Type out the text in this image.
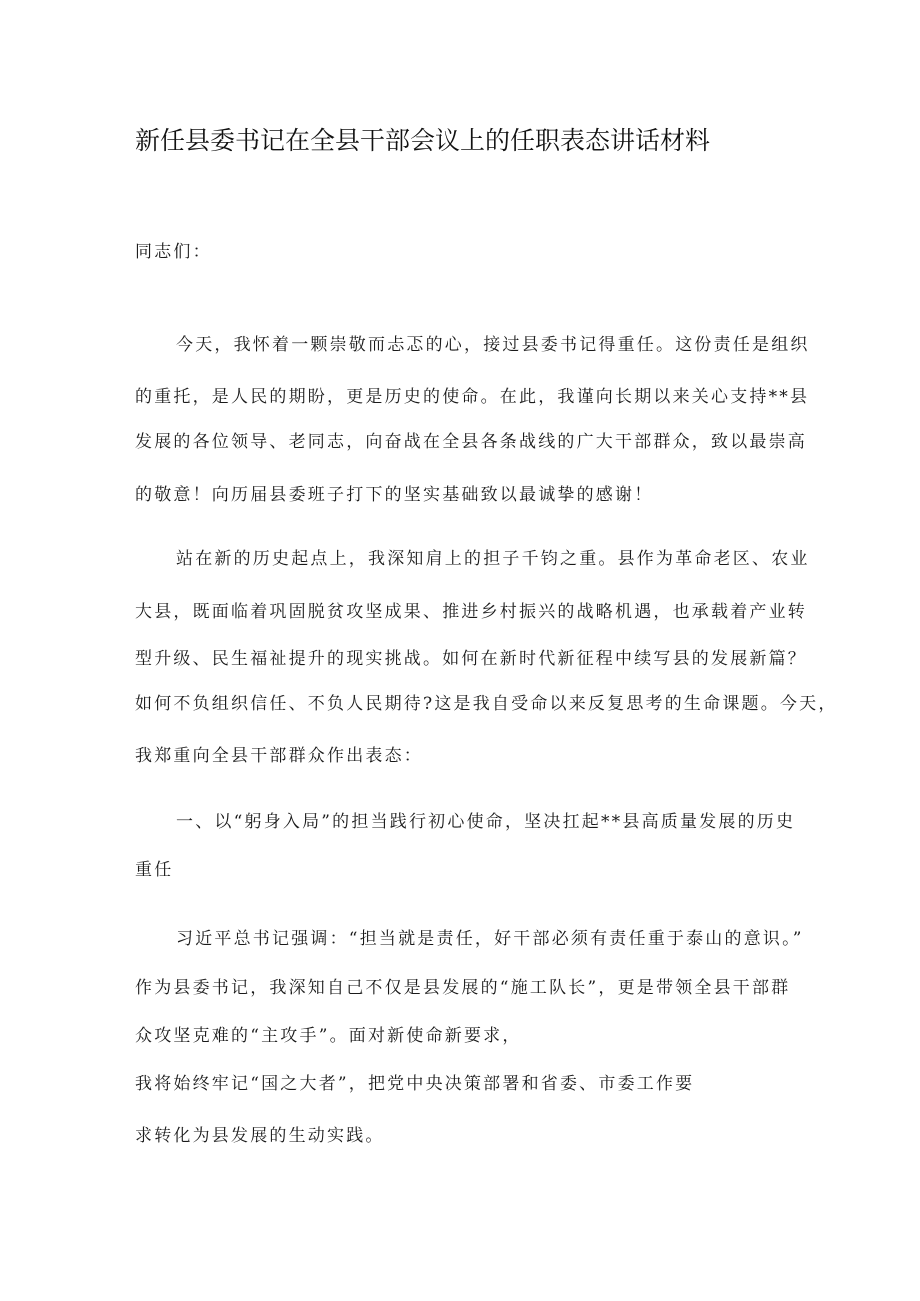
新任县委书记在全县干部会议上的任职表态讲话材料
同志们：
今天，我怀着一颗崇敬而忐忑的心，接过县委书记得重任。这份责任是组织
的重托，是人民的期盼，更是历史的使命。在此，我谨向长期以来关心支持**县
发展的各位领导、老同志，向奋战在全县各条战线的广大干部群众，致以最崇高
的敬意！向历届县委班子打下的坚实基础致以最诚挚的感谢！
站在新的历史起点上，我深知肩上的担子千钧之重。县作为革命老区、农业
大县，既面临着巩固脱贫攻坚成果、推进乡村振兴的战略机遇，也承载着产业转
型升级、民生福祉提升的现实挑战。如何在新时代新征程中续写县的发展新篇？
如何不负组织信任、不负人民期待?这是我自受命以来反复思考的生命课题。今天，
我郑重向全县干部群众作出表态：
一、以“躬身入局”的担当践行初心使命，坚决扛起**县高质量发展的历史
重任
习近平总书记强调：“担当就是责任，好干部必须有责任重于泰山的意识。”
作为县委书记，我深知自己不仅是县发展的“施工队长”，更是带领全县干部群
众攻坚克难的“主攻手”。面对新使命新要求，
我将始终牢记“国之大者”，把党中央决策部署和省委、市委工作要
求转化为县发展的生动实践。
